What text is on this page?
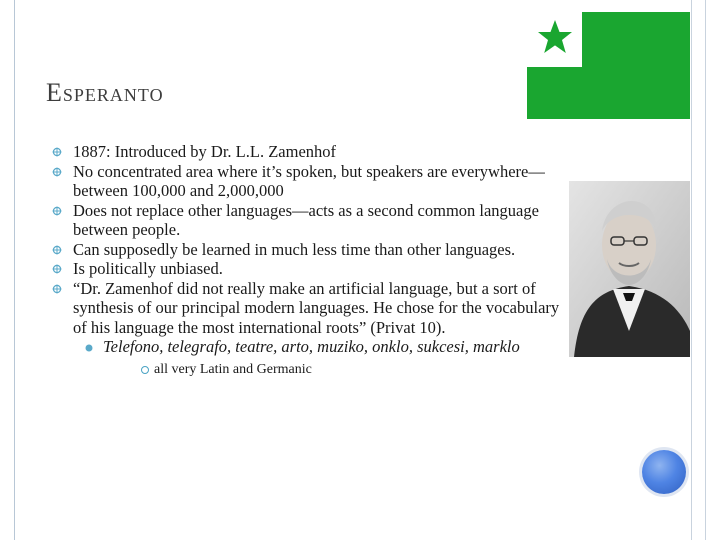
Esperanto
1887: Introduced by Dr. L.L. Zamenhof
No concentrated area where it’s spoken, but speakers are everywhere—between 100,000 and 2,000,000
Does not replace other languages—acts as a second common language between people.
Can supposedly be learned in much less time than other languages.
Is politically unbiased.
“Dr. Zamenhof did not really make an artificial language, but a sort of synthesis of our principal modern languages. He chose for the vocabulary of his language the most international roots” (Privat 10).
Telefono, telegrafo, teatre, arto, muziko, onklo, sukcesi, marklo
all very Latin and Germanic
